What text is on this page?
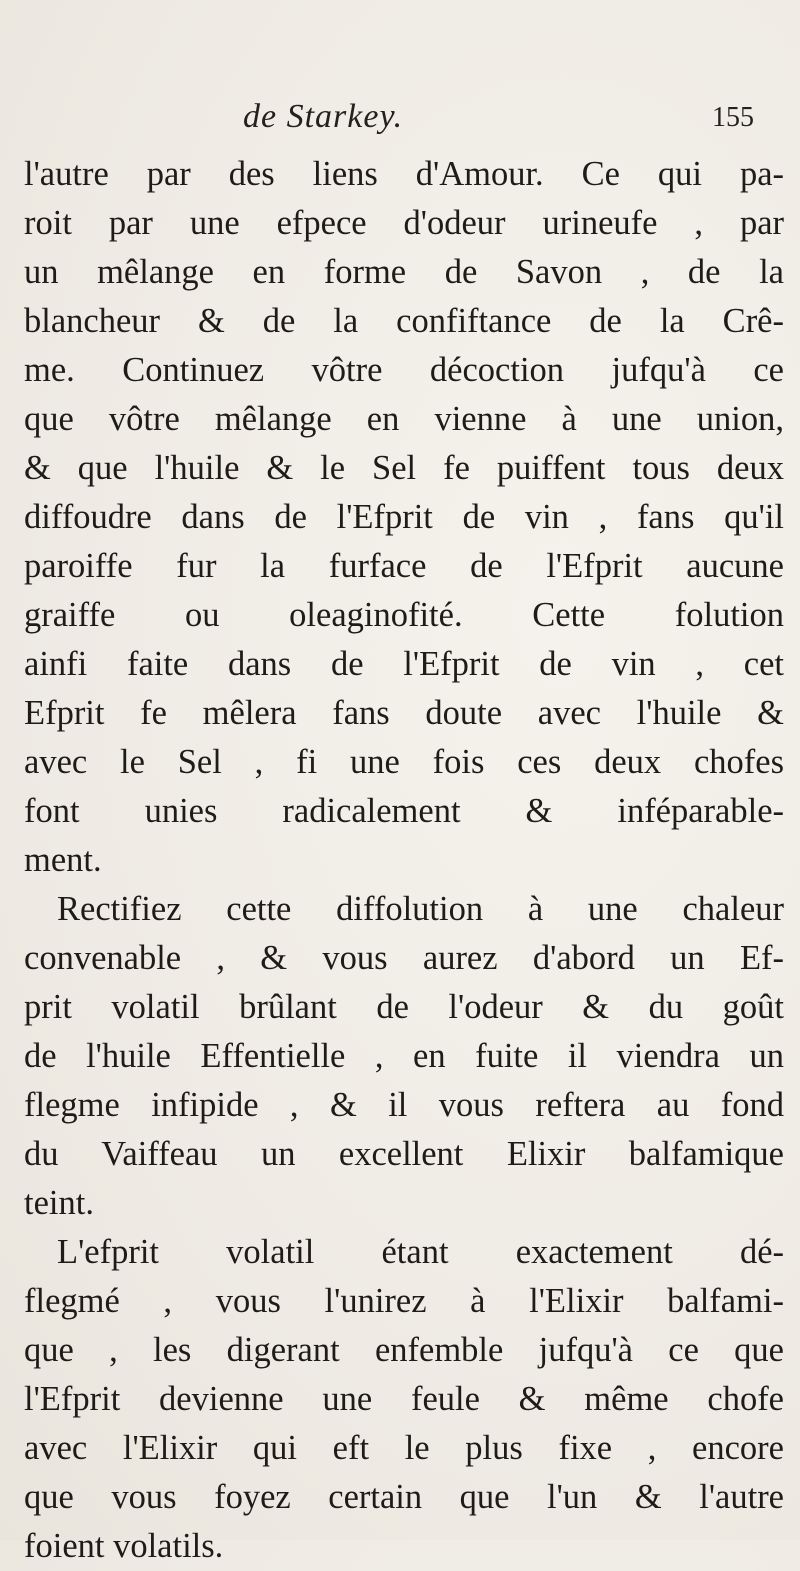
de Starkey.	155
l'autre par des liens d'Amour. Ce qui pa-
roit par une efpece d'odeur urineufe , par
un mêlange en forme de Savon , de la
blancheur & de la confiftance de la Crê-
me. Continuez vôtre décoction jufqu'à ce
que vôtre mêlange en vienne à une union,
& que l'huile & le Sel fe puiffent tous deux
diffoudre dans de l'Efprit de vin , fans qu'il
paroiffe fur la furface de l'Efprit aucune
graiffe ou oleaginofité. Cette folution
ainfi faite dans de l'Efprit de vin , cet
Efprit fe mêlera fans doute avec l'huile &
avec le Sel , fi une fois ces deux chofes
font unies radicalement & inféparable-
ment.
Rectifiez cette diffolution à une chaleur
convenable , & vous aurez d'abord un Ef-
prit volatil brûlant de l'odeur & du goût
de l'huile Effentielle , en fuite il viendra un
flegme infipide , & il vous reftera au fond
du Vaiffeau un excellent Elixir balfamique
teint.
L'efprit volatil étant exactement dé-
flegmé , vous l'unirez à l'Elixir balfami-
que , les digerant enfemble jufqu'à ce que
l'Efprit devienne une feule & même chofe
avec l'Elixir qui eft le plus fixe , encore
que vous foyez certain que l'un & l'autre
foient volatils.
